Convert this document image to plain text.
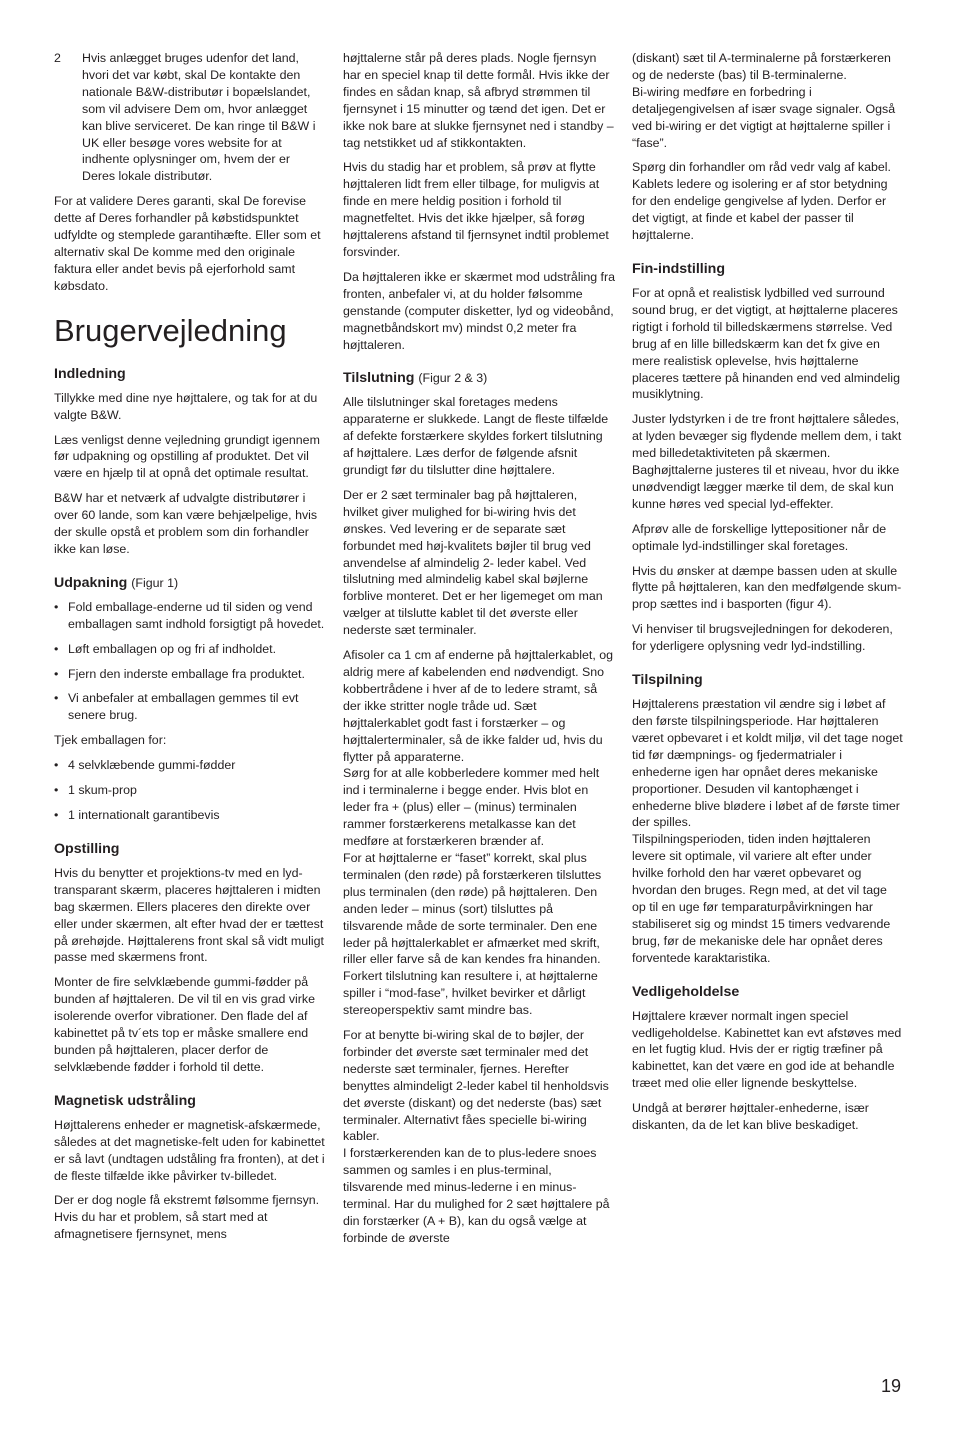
2	Hvis anlægget bruges udenfor det land, hvori det var købt, skal De kontakte den nationale B&W-distributør i bopælslandet, som vil advisere Dem om, hvor anlægget kan blive serviceret. De kan ringe til B&W i UK eller besøge vores website for at indhente oplysninger om, hvem der er Deres lokale distributør.

For at validere Deres garanti, skal De forevise dette af Deres forhandler på købstidspunktet udfyldte og stemplede garantihæfte. Eller som et alternativ skal De komme med den originale faktura eller andet bevis på ejerforhold samt købsdato.

Brugervejledning
Indledning

Tillykke med dine nye højttalere, og tak for at du valgte B&W.

Læs venligst denne vejledning grundigt igennem før udpakning og opstilling af produktet. Det vil være en hjælp til at opnå det optimale resultat.

B&W har et netværk af udvalgte distributører i over 60 lande, som kan være behjælpelige, hvis der skulle opstå et problem som din forhandler ikke kan løse.

Udpakning (Figur 1)
• Fold emballage-enderne ud til siden og vend emballagen samt indhold forsigtigt på hovedet.
• Løft emballagen op og fri af indholdet.
• Fjern den inderste emballage fra produktet.
• Vi anbefaler at emballagen gemmes til evt senere brug.

Tjek emballagen for:

• 4 selvklæbende gummi-fødder
• 1 skum-prop
• 1 internationalt garantibevis
Opstilling

Hvis du benytter et projektions-tv med en lyd-transparant skærm, placeres højttaleren i midten bag skærmen. Ellers placeres den direkte over eller under skærmen, alt efter hvad der er tættest på ørehøjde. Højttalerens front skal så vidt muligt passe med skærmens front.

Monter de fire selvklæbende gummi-fødder på bunden af højttaleren. De vil til en vis grad virke isolerende overfor vibrationer. Den flade del af kabinettet på tv´ets top er måske smallere end bunden på højttaleren, placer derfor de selvklæbende fødder i forhold til dette.

Magnetisk udstråling

Højttalerens enheder er magnetisk-afskærmede, således at det magnetiske-felt uden for kabinettet er så lavt (undtagen udståling fra fronten), at det i de fleste tilfælde ikke påvirker tv-billedet.

Der er dog nogle få ekstremt følsomme fjernsyn. Hvis du har et problem, så start med at afmagnetisere fjernsynet, mens

højttalerne står på deres plads. Nogle fjernsyn har en speciel knap til dette formål. Hvis ikke der findes en sådan knap, så afbryd strømmen til fjernsynet i 15 minutter og tænd det igen. Det er ikke nok bare at slukke fjernsynet ned i standby – tag netstikket ud af stikkontakten.

Hvis du stadig har et problem, så prøv at flytte højttaleren lidt frem eller tilbage, for muligvis at finde en mere heldig position i forhold til magnetfeltet. Hvis det ikke hjælper, så forøg højttalerens afstand til fjernsynet indtil problemet forsvinder.

Da højttaleren ikke er skærmet mod udstråling fra fronten, anbefaler vi, at du holder følsomme genstande (computer disketter, lyd og videobånd, magnetbåndskort mv) mindst 0,2 meter fra højttaleren.

Tilslutning (Figur 2 & 3)

Alle tilslutninger skal foretages medens apparaterne er slukkede. Langt de fleste tilfælde af defekte forstærkere skyldes forkert tilslutning af højttalere. Læs derfor de følgende afsnit grundigt før du tilslutter dine højttalere.

Der er 2 sæt terminaler bag på højttaleren, hvilket giver mulighed for bi-wiring hvis det ønskes. Ved levering er de separate sæt forbundet med høj-kvalitets bøjler til brug ved anvendelse af almindelig 2- leder kabel. Ved tilslutning med almindelig kabel skal bøjlerne forblive monteret. Det er her ligemeget om man vælger at tilslutte kablet til det øverste eller nederste sæt terminaler.

Afisoler ca 1 cm af enderne på højttalerkablet, og aldrig mere af kabelenden end nødvendigt. Sno kobbertrådene i hver af de to ledere stramt, så der ikke stritter nogle tråde ud. Sæt højttalerkablet godt fast i forstærker – og højttalerterminaler, så de ikke falder ud, hvis du flytter på apparaterne.

Sørg for at alle kobberledere kommer med helt ind i terminalerne i begge ender. Hvis blot en leder fra + (plus) eller – (minus) terminalen rammer forstærkerens metalkasse kan det medføre at forstærkeren brænder af.

For at højttalerne er “faset” korrekt, skal plus terminalen (den røde) på forstærkeren tilsluttes plus terminalen (den røde) på højttaleren. Den anden leder – minus (sort) tilsluttes på tilsvarende måde de sorte terminaler. Den ene leder på højttalerkablet er afmærket med skrift, riller eller farve så de kan kendes fra hinanden.

Forkert tilslutning kan resultere i, at højttalerne spiller i “mod-fase”, hvilket bevirker et dårligt stereoperspektiv samt mindre bas.

For at benytte bi-wiring skal de to bøjler, der forbinder det øverste sæt terminaler med det nederste sæt terminaler, fjernes. Herefter benyttes almindeligt 2-leder kabel til henholdsvis det øverste (diskant) og det nederste (bas) sæt terminaler. Alternativt fåes specielle bi-wiring kabler.

I forstærkerenden kan de to plus-ledere snoes sammen og samles i en plus-terminal, tilsvarende med minus-lederne i en minus-terminal. Har du mulighed for 2 sæt højttalere på din forstærker (A + B), kan du også vælge at forbinde de øverste

(diskant) sæt til A-terminalerne på forstærkeren og de nederste (bas) til B-terminalerne.

Bi-wiring medføre en forbedring i detaljegengivelsen af især svage signaler. Også ved bi-wiring er det vigtigt at højttalerne spiller i “fase”.

Spørg din forhandler om råd vedr valg af kabel. Kablets ledere og isolering er af stor betydning for den endelige gengivelse af lyden. Derfor er det vigtigt, at finde et kabel der passer til højttalerne.

Fin-indstilling

For at opnå et realistisk lydbilled ved surround sound brug, er det vigtigt, at højttalerne placeres rigtigt i forhold til billedskærmens størrelse. Ved brug af en lille billedskærm kan det fx give en mere realistisk oplevelse, hvis højttalerne placeres tættere på hinanden end ved almindelig musiklytning.

Juster lydstyrken i de tre front højttalere således, at lyden bevæger sig flydende mellem dem, i takt med billedetaktiviteten på skærmen. Baghøjttalerne justeres til et niveau, hvor du ikke unødvendigt lægger mærke til dem, de skal kun kunne høres ved special lyd-effekter.

Afprøv alle de forskellige lyttepositioner når de optimale lyd-indstillinger skal foretages.

Hvis du ønsker at dæmpe bassen uden at skulle flytte på højttaleren, kan den medfølgende skum-prop sættes ind i basporten (figur 4).

Vi henviser til brugsvejledningen for dekoderen, for yderligere oplysning vedr lyd-indstilling.

Tilspilning

Højttalerens præstation vil ændre sig i løbet af den første tilspilningsperiode. Har højttaleren været opbevaret i et koldt miljø, vil det tage noget tid før dæmpnings- og fjedermatrialer i enhederne igen har opnået deres mekaniske proportioner. Desuden vil kantophænget i enhederne blive blødere i løbet af de første timer der spilles.

Tilspilningsperioden, tiden inden højttaleren levere sit optimale, vil variere alt efter under hvilke forhold den har været opbevaret og hvordan den bruges. Regn med, at det vil tage op til en uge før temparaturpåvirkningen har stabiliseret sig og mindst 15 timers vedvarende brug, før de mekaniske dele har opnået deres forventede karaktaristika.

Vedligeholdelse

Højttalere kræver normalt ingen speciel vedligeholdelse. Kabinettet kan evt afstøves med en let fugtig klud. Hvis der er rigtig træfiner på kabinettet, kan det være en god ide at behandle træet med olie eller lignende beskyttelse.

Undgå at berører højttaler-enhederne, især diskanten, da de let kan blive beskadiget.

19
